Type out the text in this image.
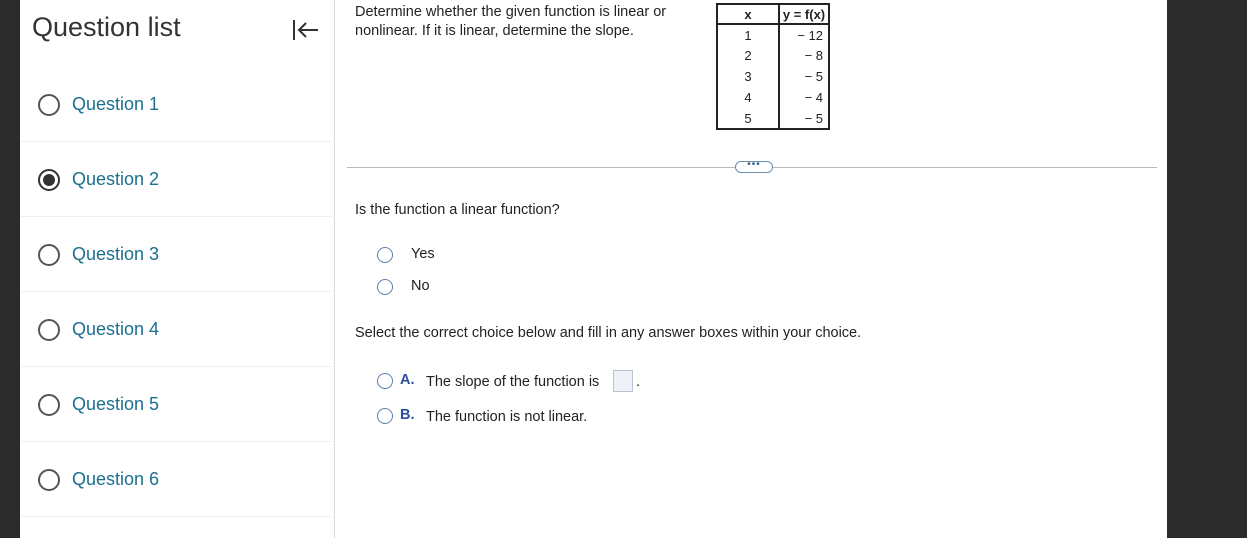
Question list
Question 1
Question 2
Question 3
Question 4
Question 5
Question 6
Determine whether the given function is linear or nonlinear. If it is linear, determine the slope.
x	y = f(x)
1	− 12
2	− 8
3	− 5
4	− 4
5	− 5
•••
Is the function a linear function?
Yes
No
Select the correct choice below and fill in any answer boxes within your choice.
A. The slope of the function is	.
B. The function is not linear.
